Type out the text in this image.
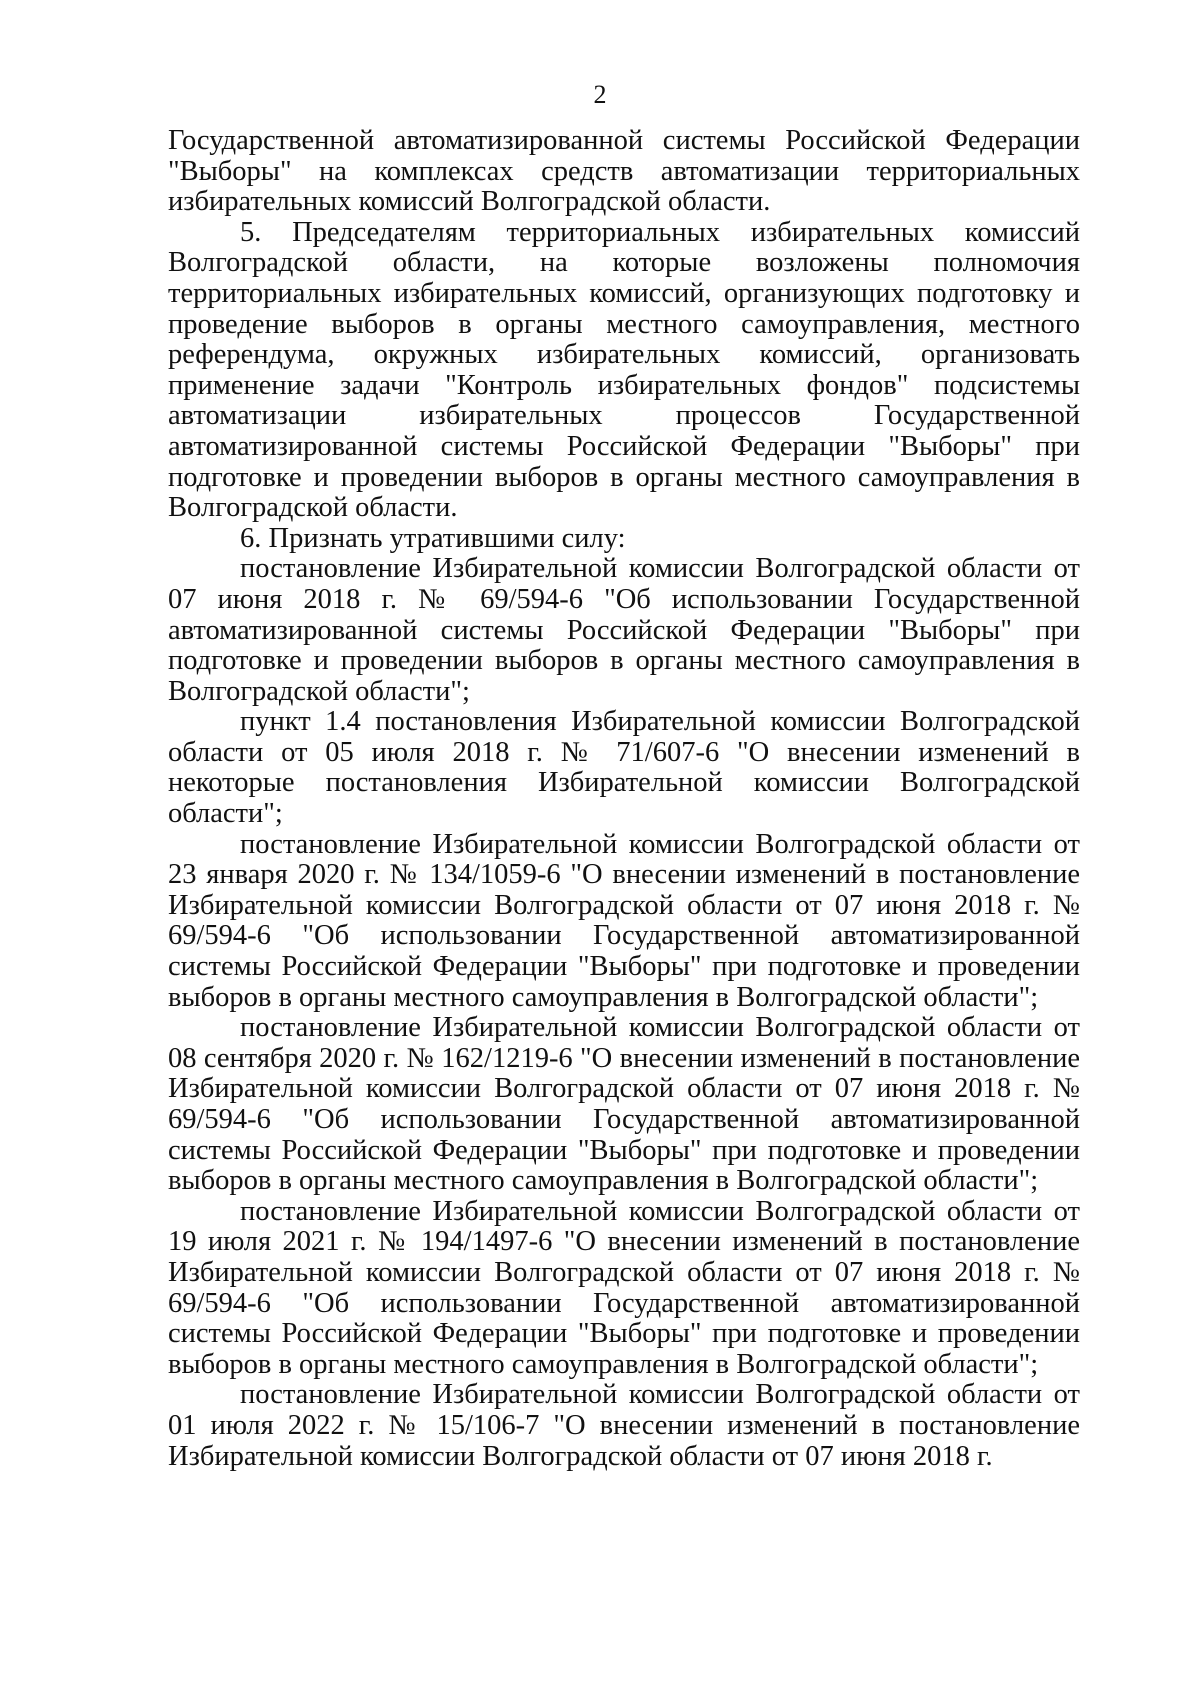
2

Государственной автоматизированной системы Российской Федерации "Выборы" на комплексах средств автоматизации территориальных избирательных комиссий Волгоградской области.

5. Председателям территориальных избирательных комиссий Волгоградской области, на которые возложены полномочия территориальных избирательных комиссий, организующих подготовку и проведение выборов в органы местного самоуправления, местного референдума, окружных избирательных комиссий, организовать применение задачи "Контроль избирательных фондов" подсистемы автоматизации избирательных процессов Государственной автоматизированной системы Российской Федерации "Выборы" при подготовке и проведении выборов в органы местного самоуправления в Волгоградской области.

6. Признать утратившими силу:

постановление Избирательной комиссии Волгоградской области от 07 июня 2018 г. № 69/594-6 "Об использовании Государственной автоматизированной системы Российской Федерации "Выборы" при подготовке и проведении выборов в органы местного самоуправления в Волгоградской области";

пункт 1.4 постановления Избирательной комиссии Волгоградской области от 05 июля 2018 г. № 71/607-6 "О внесении изменений в некоторые постановления Избирательной комиссии Волгоградской области";

постановление Избирательной комиссии Волгоградской области от 23 января 2020 г. № 134/1059-6 "О внесении изменений в постановление Избирательной комиссии Волгоградской области от 07 июня 2018 г. № 69/594-6 "Об использовании Государственной автоматизированной системы Российской Федерации "Выборы" при подготовке и проведении выборов в органы местного самоуправления в Волгоградской области";

постановление Избирательной комиссии Волгоградской области от 08 сентября 2020 г. № 162/1219-6 "О внесении изменений в постановление Избирательной комиссии Волгоградской области от 07 июня 2018 г. № 69/594-6 "Об использовании Государственной автоматизированной системы Российской Федерации "Выборы" при подготовке и проведении выборов в органы местного самоуправления в Волгоградской области";

постановление Избирательной комиссии Волгоградской области от 19 июля 2021 г. № 194/1497-6 "О внесении изменений в постановление Избирательной комиссии Волгоградской области от 07 июня 2018 г. № 69/594-6 "Об использовании Государственной автоматизированной системы Российской Федерации "Выборы" при подготовке и проведении выборов в органы местного самоуправления в Волгоградской области";

постановление Избирательной комиссии Волгоградской области от 01 июля 2022 г. № 15/106-7 "О внесении изменений в постановление Избирательной комиссии Волгоградской области от 07 июня 2018 г.
